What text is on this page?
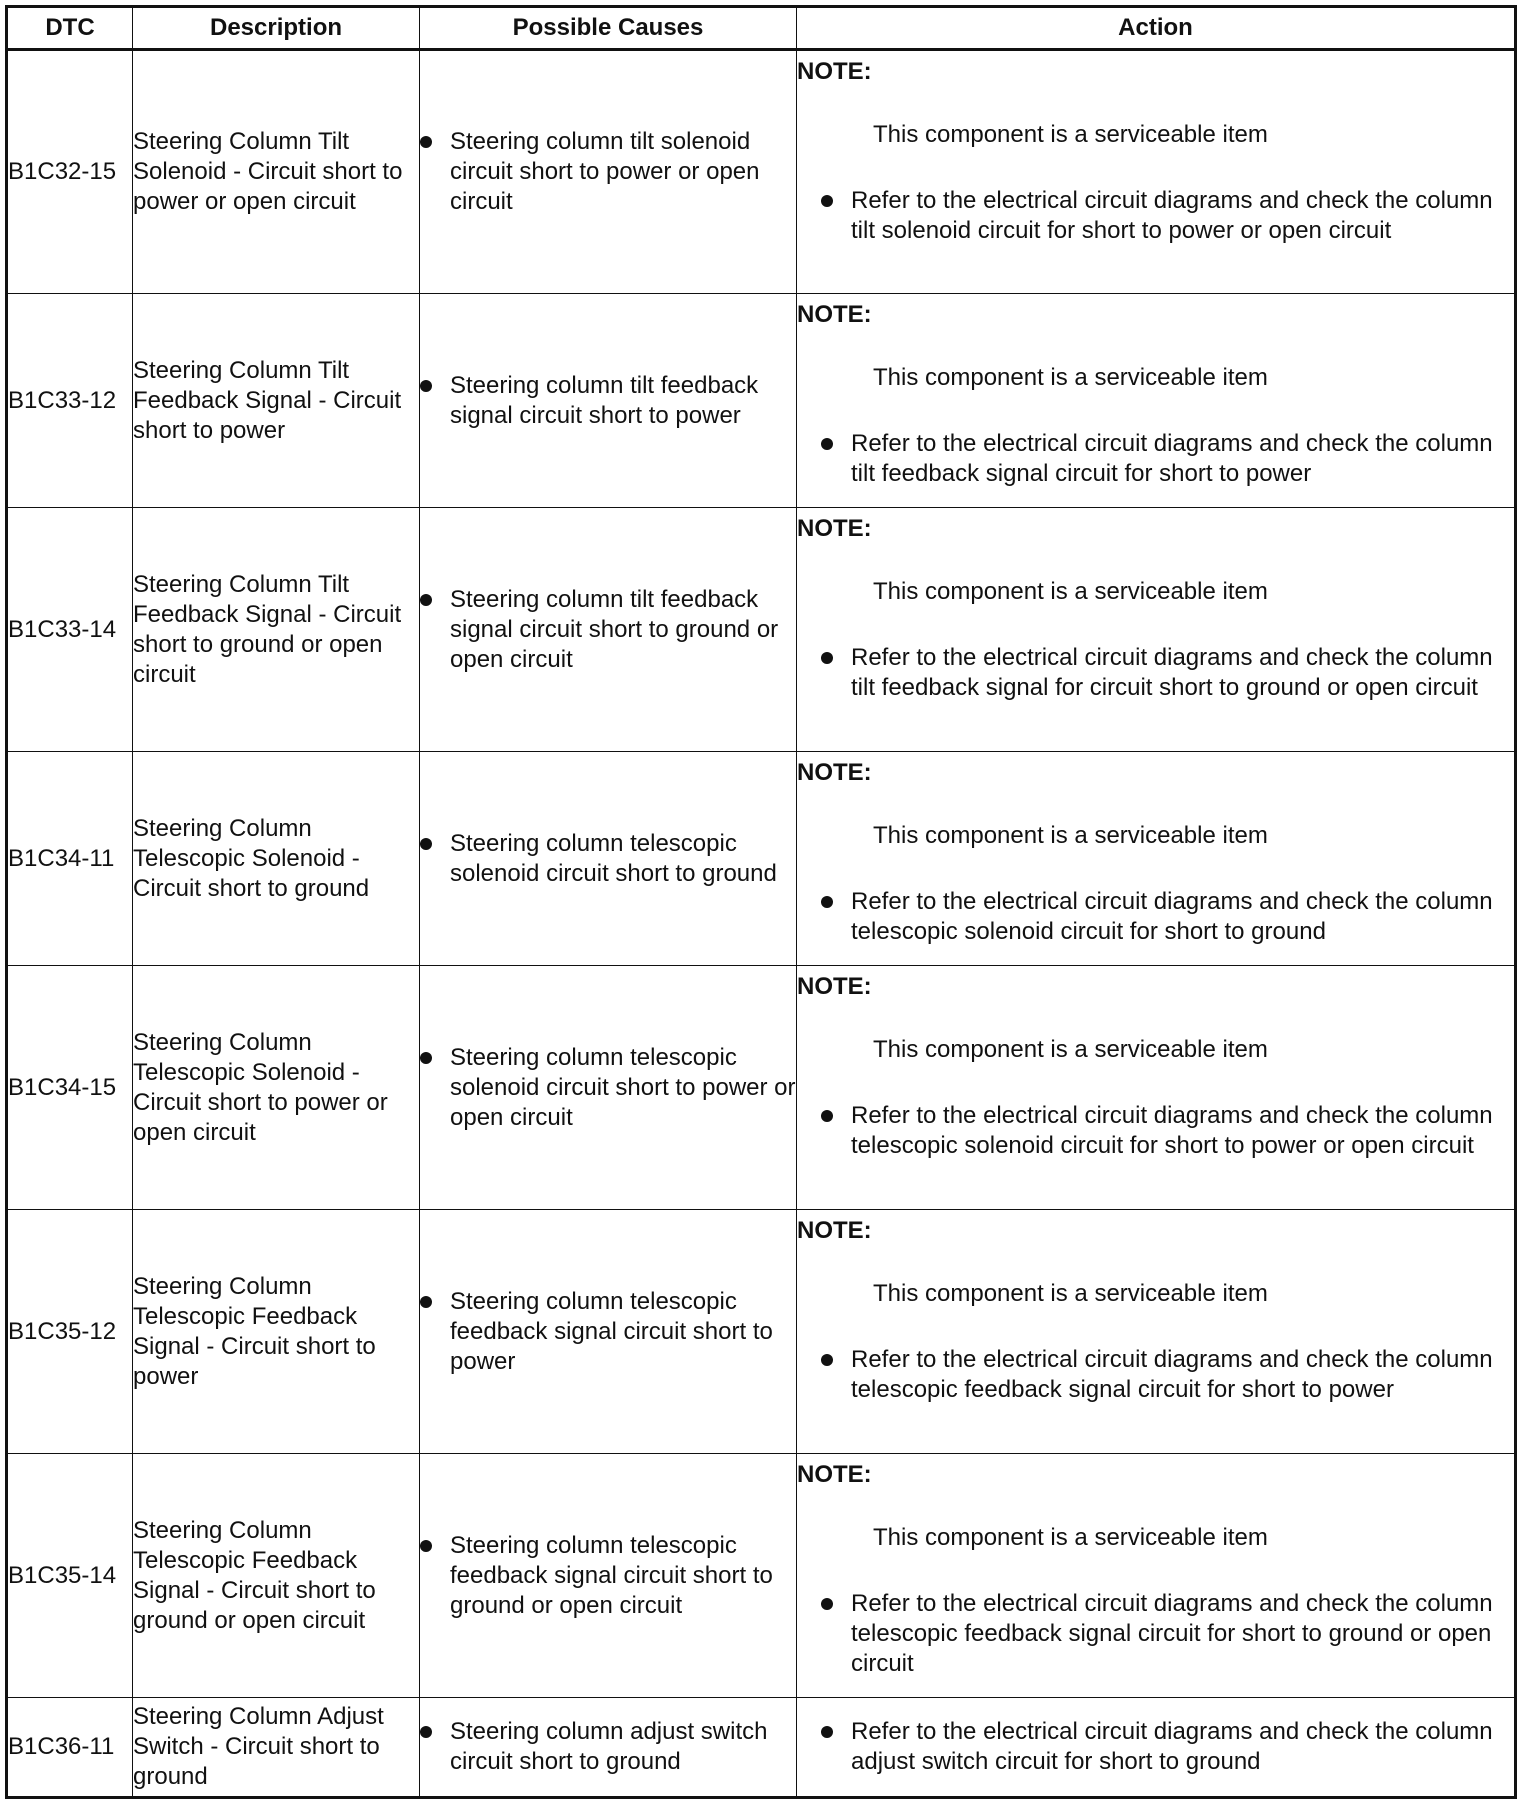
DTC	Description	Possible Causes	Action
B1C32-15	Steering Column Tilt Solenoid - Circuit short to power or open circuit	Steering column tilt solenoid circuit short to power or open circuit	NOTE:
This component is a serviceable item
Refer to the electrical circuit diagrams and check the column tilt solenoid circuit for short to power or open circuit

B1C33-12	Steering Column Tilt Feedback Signal - Circuit short to power	Steering column tilt feedback signal circuit short to power	NOTE:
This component is a serviceable item
Refer to the electrical circuit diagrams and check the column tilt feedback signal circuit for short to power

B1C33-14	Steering Column Tilt Feedback Signal - Circuit short to ground or open circuit	Steering column tilt feedback signal circuit short to ground or open circuit	NOTE:
This component is a serviceable item
Refer to the electrical circuit diagrams and check the column tilt feedback signal for circuit short to ground or open circuit

B1C34-11	Steering Column Telescopic Solenoid - Circuit short to ground	Steering column telescopic solenoid circuit short to ground	NOTE:
This component is a serviceable item
Refer to the electrical circuit diagrams and check the column telescopic solenoid circuit for short to ground

B1C34-15	Steering Column Telescopic Solenoid - Circuit short to power or open circuit	Steering column telescopic solenoid circuit short to power or open circuit	NOTE:
This component is a serviceable item
Refer to the electrical circuit diagrams and check the column telescopic solenoid circuit for short to power or open circuit

B1C35-12	Steering Column Telescopic Feedback Signal - Circuit short to power	Steering column telescopic feedback signal circuit short to power	NOTE:
This component is a serviceable item
Refer to the electrical circuit diagrams and check the column telescopic feedback signal circuit for short to power

B1C35-14	Steering Column Telescopic Feedback Signal - Circuit short to ground or open circuit	Steering column telescopic feedback signal circuit short to ground or open circuit	NOTE:
This component is a serviceable item
Refer to the electrical circuit diagrams and check the column telescopic feedback signal circuit for short to ground or open circuit

B1C36-11	Steering Column Adjust Switch - Circuit short to ground	Steering column adjust switch circuit short to ground	Refer to the electrical circuit diagrams and check the column adjust switch circuit for short to ground
